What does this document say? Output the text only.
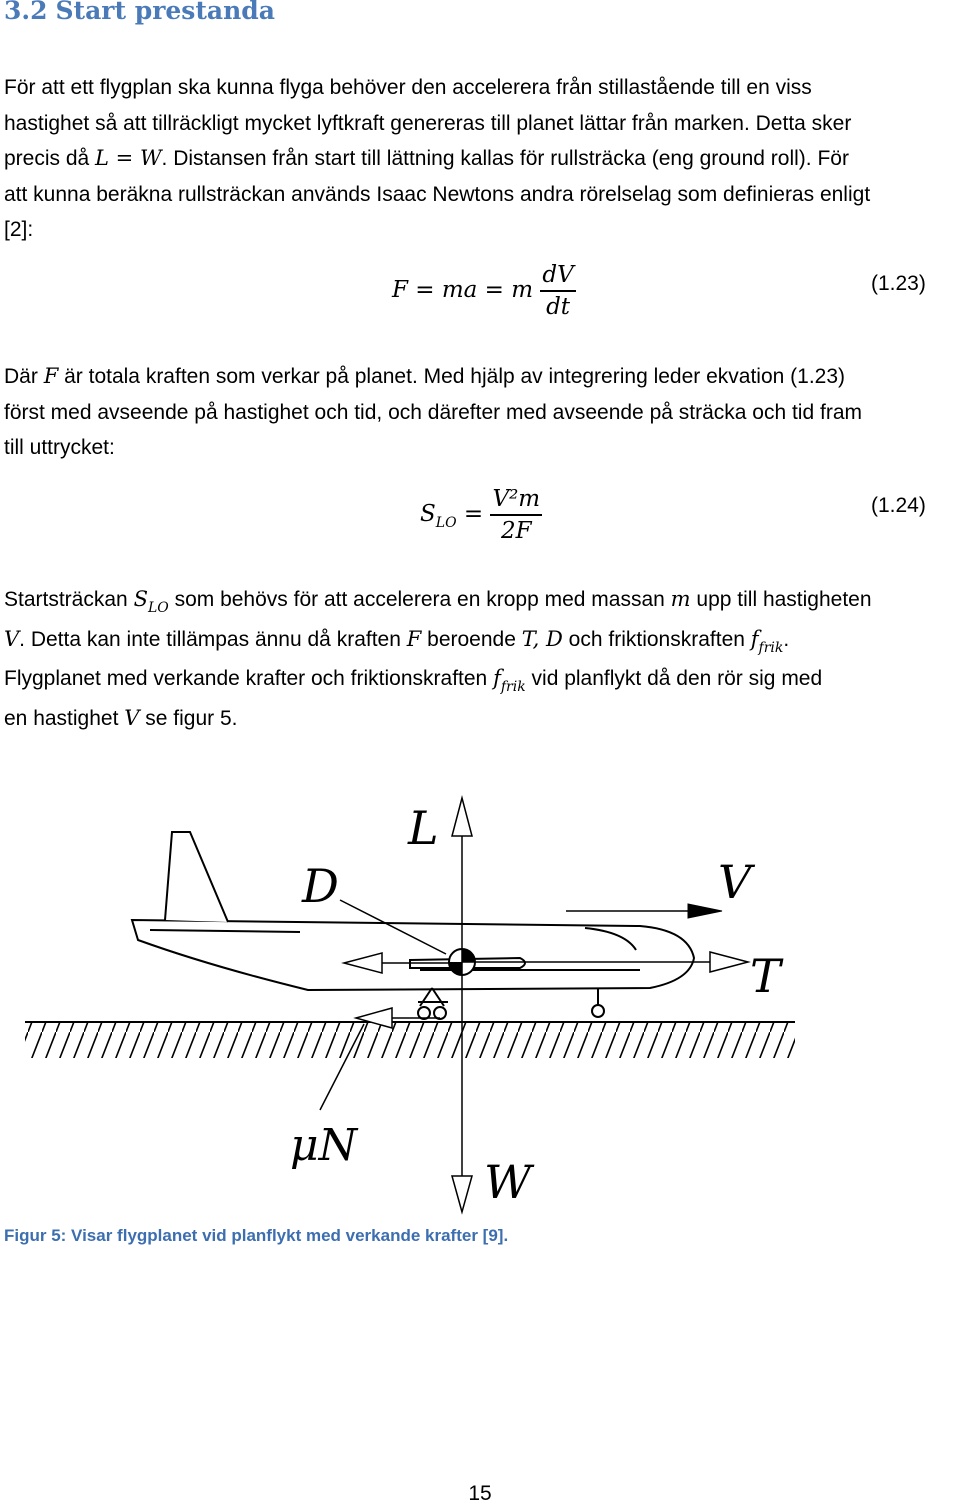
3.2 Start prestanda
För att ett flygplan ska kunna flyga behöver den accelerera från stillastående till en viss
hastighet så att tillräckligt mycket lyftkraft genereras till planet lättar från marken. Detta sker
precis då L = W. Distansen från start till lättning kallas för rullsträcka (eng ground roll). För
att kunna beräkna rullsträckan används Isaac Newtons andra rörelselag som definieras enligt
[2]:
F = ma = m $\frac{dV}{dt}$	(1.23)
Där F är totala kraften som verkar på planet. Med hjälp av integrering leder ekvation (1.23)
först med avseende på hastighet och tid, och därefter med avseende på sträcka och tid fram
till uttrycket:
$S_{LO} = \frac{\text{V²m}}{2F}$	(1.24)
Startsträckan $S_{LO}$ som behövs för att accelerera en kropp med massan m upp till hastigheten
V. Detta kan inte tillämpas ännu då kraften F beroende T, D och friktionskraften $f_{frik}$.
Flygplanet med verkande krafter och friktionskraften $f_{frik}$ vid planflykt då den rör sig med
en hastighet V se figur 5.
L
D	V
T
μN
W
Figur 5: Visar flygplanet vid planflykt med verkande krafter [9].
15
